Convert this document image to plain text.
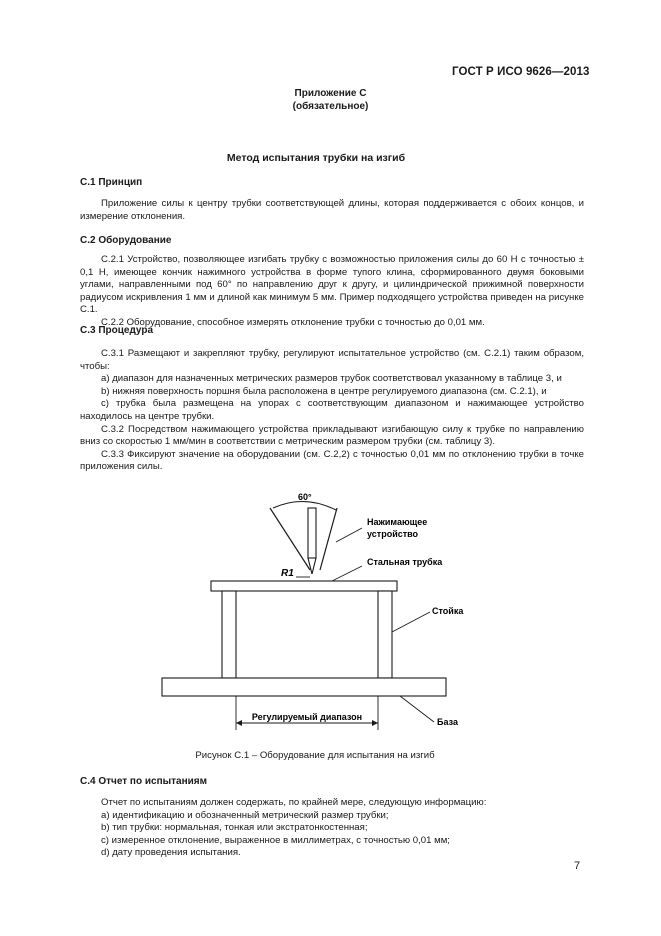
ГОСТ Р ИСО 9626—2013
Приложение С
(обязательное)
Метод испытания трубки на изгиб
С.1 Принцип

Приложение силы к центру трубки соответствующей длины, которая поддерживается с обоих концов, и измерение отклонения.

С.2 Оборудование

С.2.1 Устройство, позволяющее изгибать трубку с возможностью приложения силы до 60 Н с точностью ± 0,1 Н, имеющее кончик нажимного устройства в форме тупого клина, сформированного двумя боковыми углами, направленными под 60° по направлению друг к другу, и цилиндрической прижимной поверхности радиусом искривления 1 мм и длиной как минимум 5 мм. Пример подходящего устройства приведен на рисунке С.1.

С.2.2 Оборудование, способное измерять отклонение трубки с точностью до 0,01 мм.

С.3 Процедура

С.3.1 Размещают и закрепляют трубку, регулируют испытательное устройство (см. С.2.1) таким образом, чтобы:

a) диапазон для назначенных метрических размеров трубок соответствовал указанному в таблице 3, и

b) нижняя поверхность поршня была расположена в центре регулируемого диапазона (см. С.2.1), и

c) трубка была размещена на упорах с соответствующим диапазоном и нажимающее устройство находилось на центре трубки.

С.3.2 Посредством нажимающего устройства прикладывают изгибающую силу к трубке по направлению вниз со скоростью 1 мм/мин в соответствии с метрическим размером трубки (см. таблицу 3).

С.3.3 Фиксируют значение на оборудовании (см. С.2,2) с точностью 0,01 мм по отклонению трубки в точке приложения силы.

60°
R1
Нажимающее
устройство
Стальная трубка
Стойка
База
Регулируемый диапазон
Рисунок С.1 – Оборудование для испытания на изгиб
С.4 Отчет по испытаниям

Отчет по испытаниям должен содержать, по крайней мере, следующую информацию:

a) идентификацию и обозначенный метрический размер трубки;

b) тип трубки: нормальная, тонкая или экстратонкостенная;

c) измеренное отклонение, выраженное в миллиметрах, с точностью 0,01 мм;

d) дату проведения испытания.

7
